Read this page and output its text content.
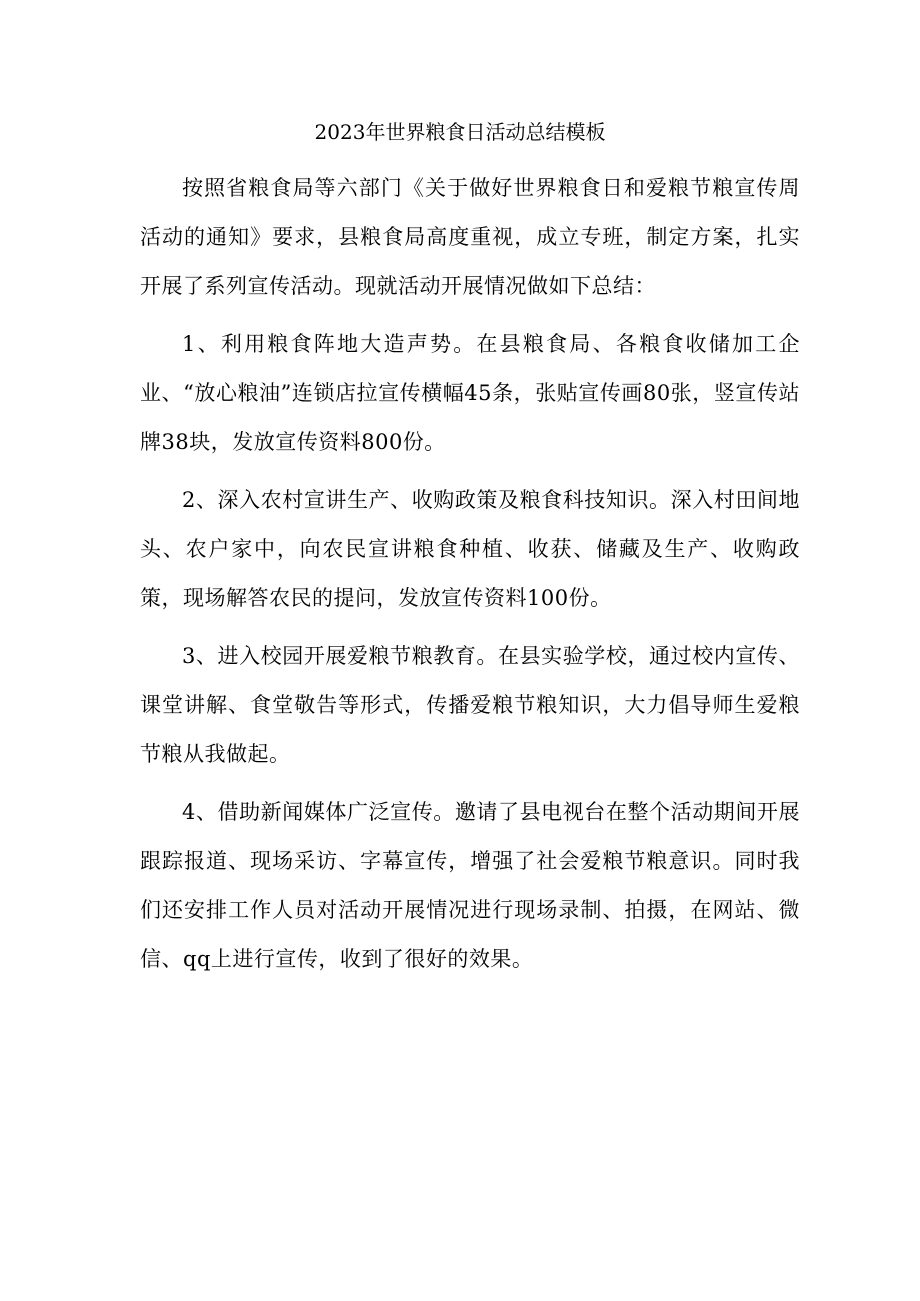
2023年世界粮食日活动总结模板

按照省粮食局等六部门《关于做好世界粮食日和爱粮节粮宣传周活动的通知》要求，县粮食局高度重视，成立专班，制定方案，扎实开展了系列宣传活动。现就活动开展情况做如下总结：

1、利用粮食阵地大造声势。在县粮食局、各粮食收储加工企业、“放心粮油”连锁店拉宣传横幅45条，张贴宣传画80张，竖宣传站牌38块，发放宣传资料800份。

2、深入农村宣讲生产、收购政策及粮食科技知识。深入村田间地头、农户家中，向农民宣讲粮食种植、收获、储藏及生产、收购政策，现场解答农民的提问，发放宣传资料100份。

3、进入校园开展爱粮节粮教育。在县实验学校，通过校内宣传、课堂讲解、食堂敬告等形式，传播爱粮节粮知识，大力倡导师生爱粮节粮从我做起。

4、借助新闻媒体广泛宣传。邀请了县电视台在整个活动期间开展跟踪报道、现场采访、字幕宣传，增强了社会爱粮节粮意识。同时我们还安排工作人员对活动开展情况进行现场录制、拍摄，在网站、微信、qq上进行宣传，收到了很好的效果。
